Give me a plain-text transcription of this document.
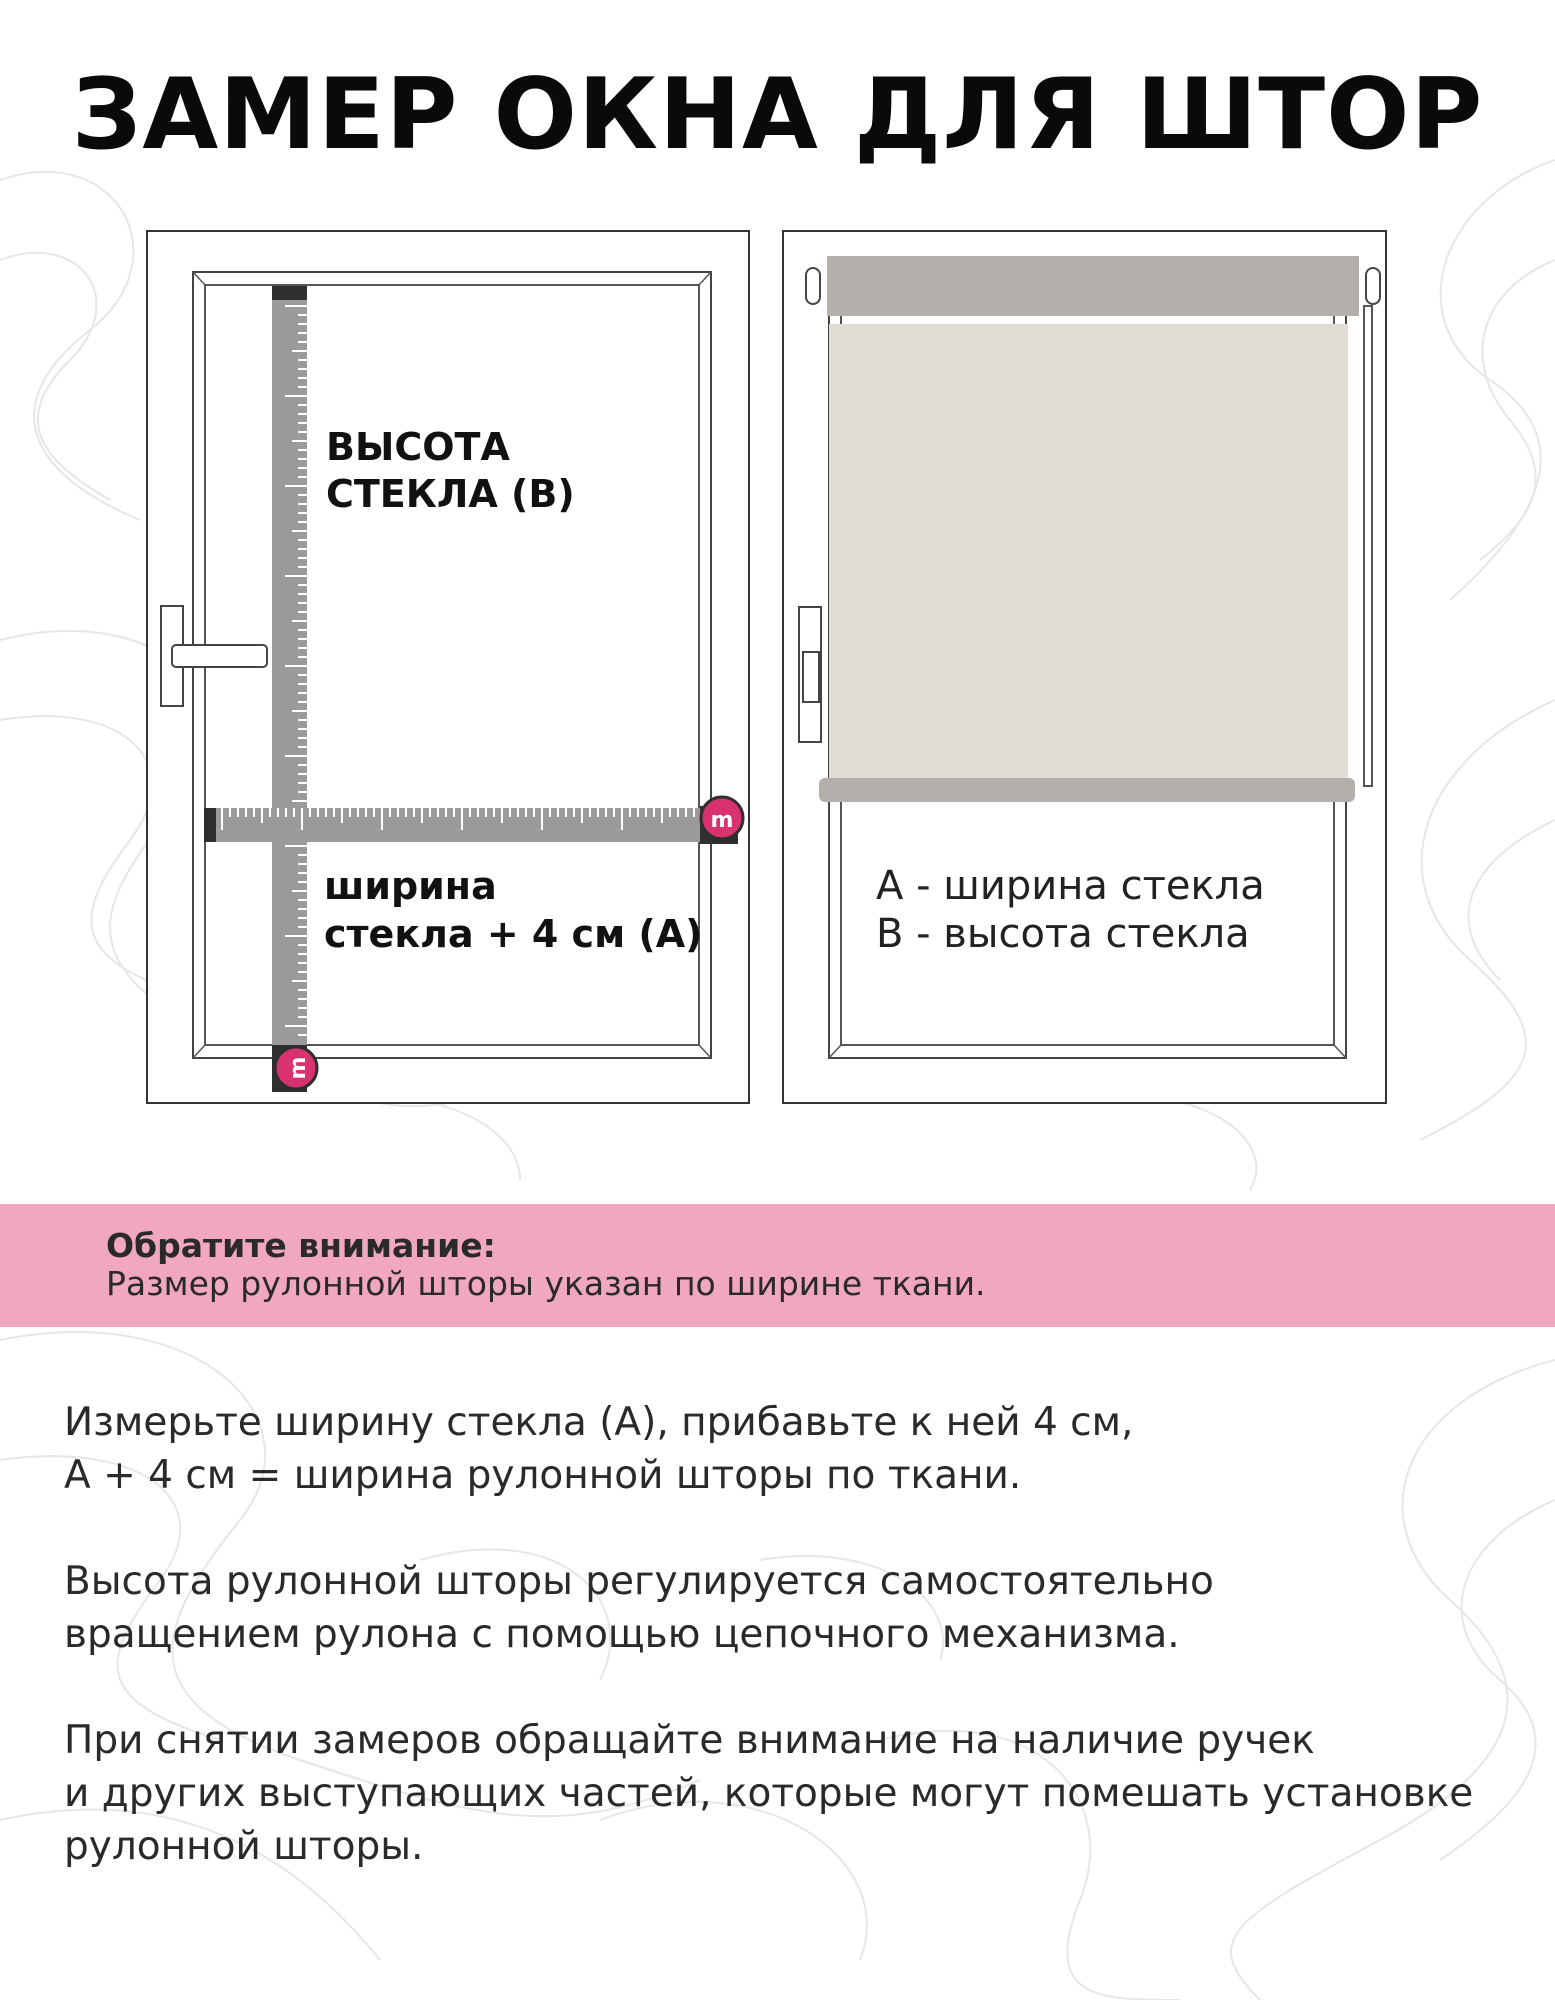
ЗАМЕР ОКНА ДЛЯ ШТОР
m
m
ВЫСОТА
СТЕКЛА (В)
ширина
стекла + 4 см (А)
А - ширина стекла
В - высота стекла
Обратите внимание:
Размер рулонной шторы указан по ширине ткани.
Измерьте ширину стекла (А), прибавьте к ней 4 см,
А + 4 см = ширина рулонной шторы по ткани.
Высота рулонной шторы регулируется самостоятельно
вращением рулона с помощью цепочного механизма.
При снятии замеров обращайте внимание на наличие ручек
и других выступающих частей, которые могут помешать установке
рулонной шторы.
